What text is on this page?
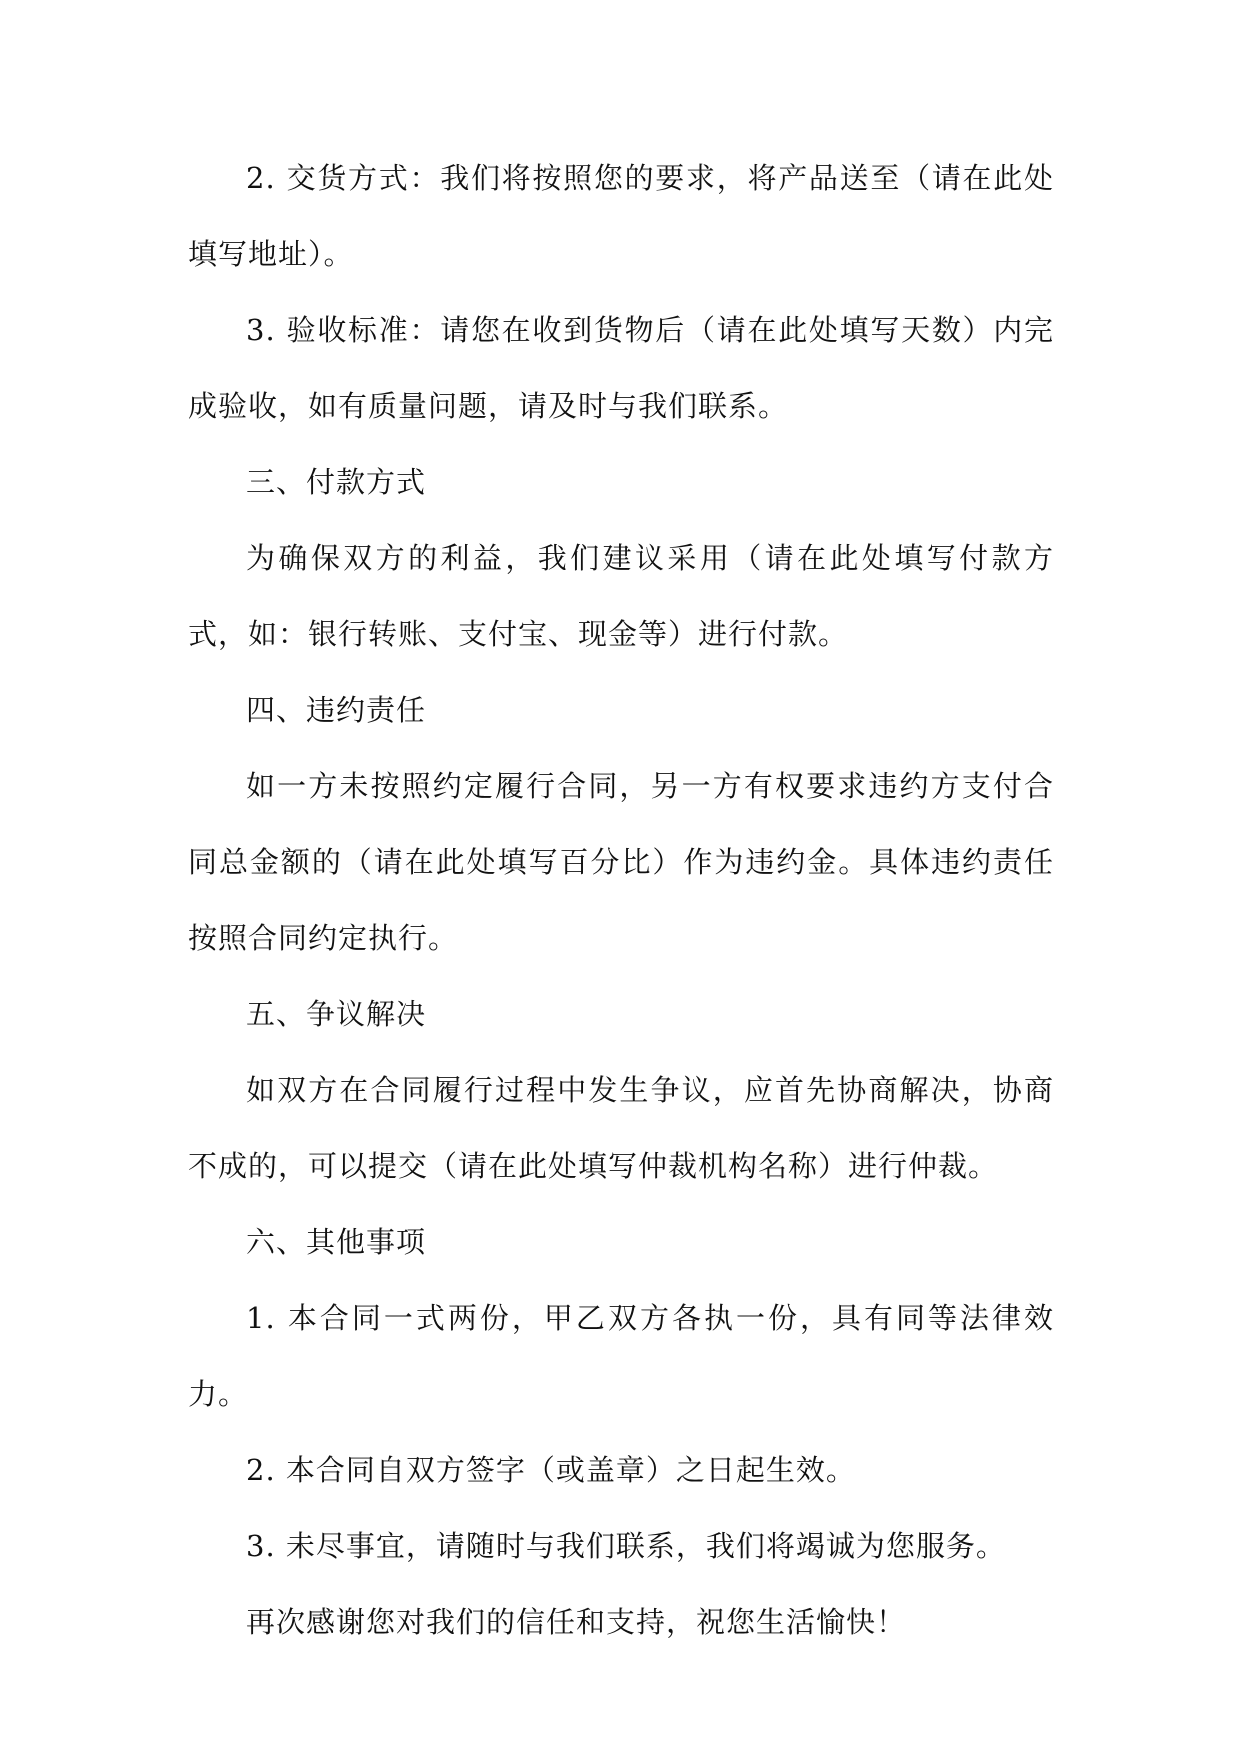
2. 交货方式：我们将按照您的要求，将产品送至（请在此处填写地址）。

3. 验收标准：请您在收到货物后（请在此处填写天数）内完成验收，如有质量问题，请及时与我们联系。

三、付款方式

为确保双方的利益，我们建议采用（请在此处填写付款方式，如：银行转账、支付宝、现金等）进行付款。

四、违约责任

如一方未按照约定履行合同，另一方有权要求违约方支付合同总金额的（请在此处填写百分比）作为违约金。具体违约责任按照合同约定执行。

五、争议解决

如双方在合同履行过程中发生争议，应首先协商解决，协商不成的，可以提交（请在此处填写仲裁机构名称）进行仲裁。

六、其他事项

1. 本合同一式两份，甲乙双方各执一份，具有同等法律效力。

2. 本合同自双方签字（或盖章）之日起生效。

3. 未尽事宜，请随时与我们联系，我们将竭诚为您服务。

再次感谢您对我们的信任和支持，祝您生活愉快！
